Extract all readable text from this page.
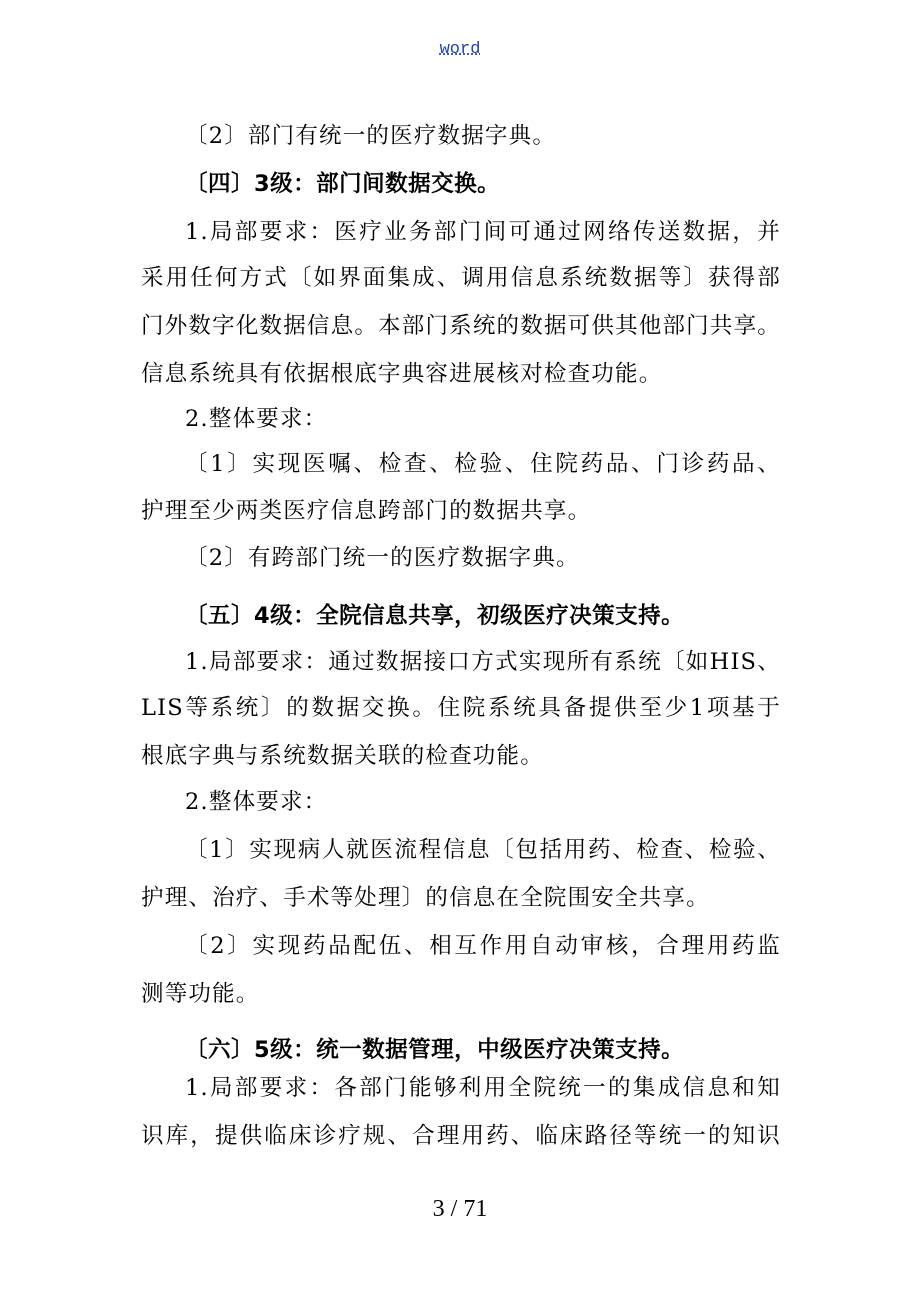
word
〔2〕部门有统一的医疗数据字典。
〔四〕3级：部门间数据交换。
1.局部要求：医疗业务部门间可通过网络传送数据，并
采用任何方式〔如界面集成、调用信息系统数据等〕获得部
门外数字化数据信息。本部门系统的数据可供其他部门共享。
信息系统具有依据根底字典容进展核对检查功能。
2.整体要求：
〔1〕实现医嘱、检查、检验、住院药品、门诊药品、
护理至少两类医疗信息跨部门的数据共享。
〔2〕有跨部门统一的医疗数据字典。
〔五〕4级：全院信息共享，初级医疗决策支持。
1.局部要求：通过数据接口方式实现所有系统〔如HIS、
LIS等系统〕的数据交换。住院系统具备提供至少1项基于
根底字典与系统数据关联的检查功能。
2.整体要求：
〔1〕实现病人就医流程信息〔包括用药、检查、检验、
护理、治疗、手术等处理〕的信息在全院围安全共享。
〔2〕实现药品配伍、相互作用自动审核，合理用药监
测等功能。
〔六〕5级：统一数据管理，中级医疗决策支持。
1.局部要求：各部门能够利用全院统一的集成信息和知
识库，提供临床诊疗规、合理用药、临床路径等统一的知识
3 / 71
